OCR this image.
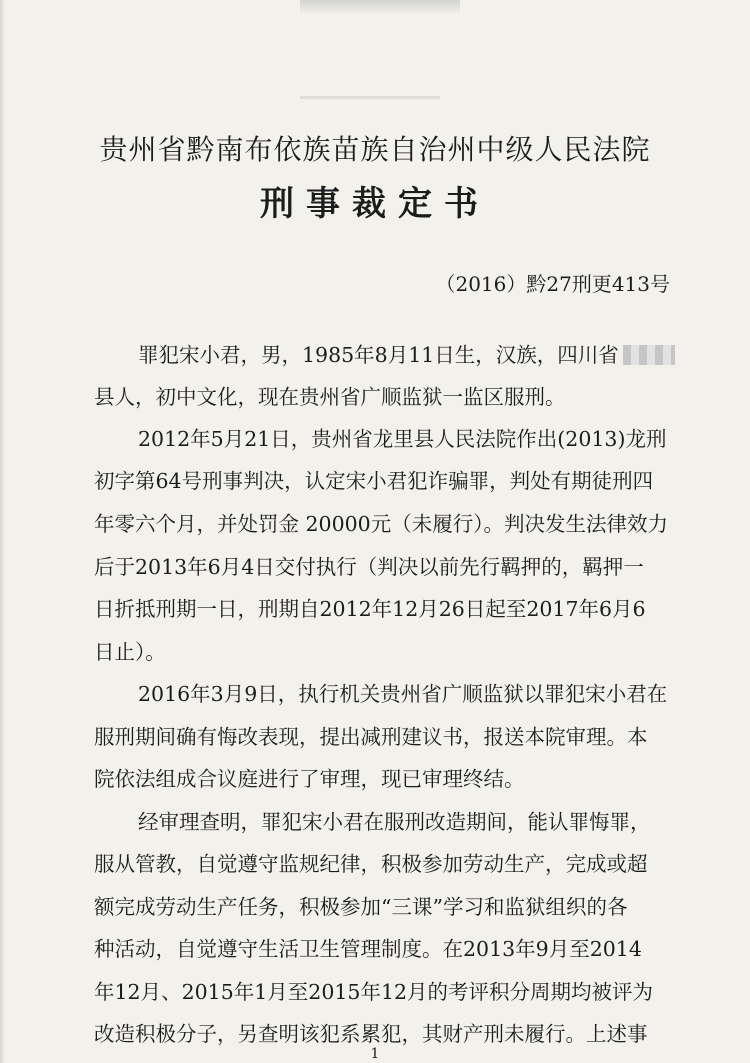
贵州省黔南布依族苗族自治州中级人民法院
刑事裁定书
（2016）黔27刑更413号
罪犯宋小君，男，1985年8月11日生，汉族，四川省
县人，初中文化，现在贵州省广顺监狱一监区服刑。
2012年5月21日，贵州省龙里县人民法院作出(2013)龙刑
初字第64号刑事判决，认定宋小君犯诈骗罪，判处有期徒刑四
年零六个月，并处罚金 20000元（未履行）。判决发生法律效力
后于2013年6月4日交付执行（判决以前先行羁押的，羁押一
日折抵刑期一日，刑期自2012年12月26日起至2017年6月6
日止）。
2016年3月9日，执行机关贵州省广顺监狱以罪犯宋小君在
服刑期间确有悔改表现，提出减刑建议书，报送本院审理。本
院依法组成合议庭进行了审理，现已审理终结。
经审理查明，罪犯宋小君在服刑改造期间，能认罪悔罪，
服从管教，自觉遵守监规纪律，积极参加劳动生产，完成或超
额完成劳动生产任务，积极参加“三课”学习和监狱组织的各
种活动，自觉遵守生活卫生管理制度。在2013年9月至2014
年12月、2015年1月至2015年12月的考评积分周期均被评为
改造积极分子，另查明该犯系累犯，其财产刑未履行。上述事
1
